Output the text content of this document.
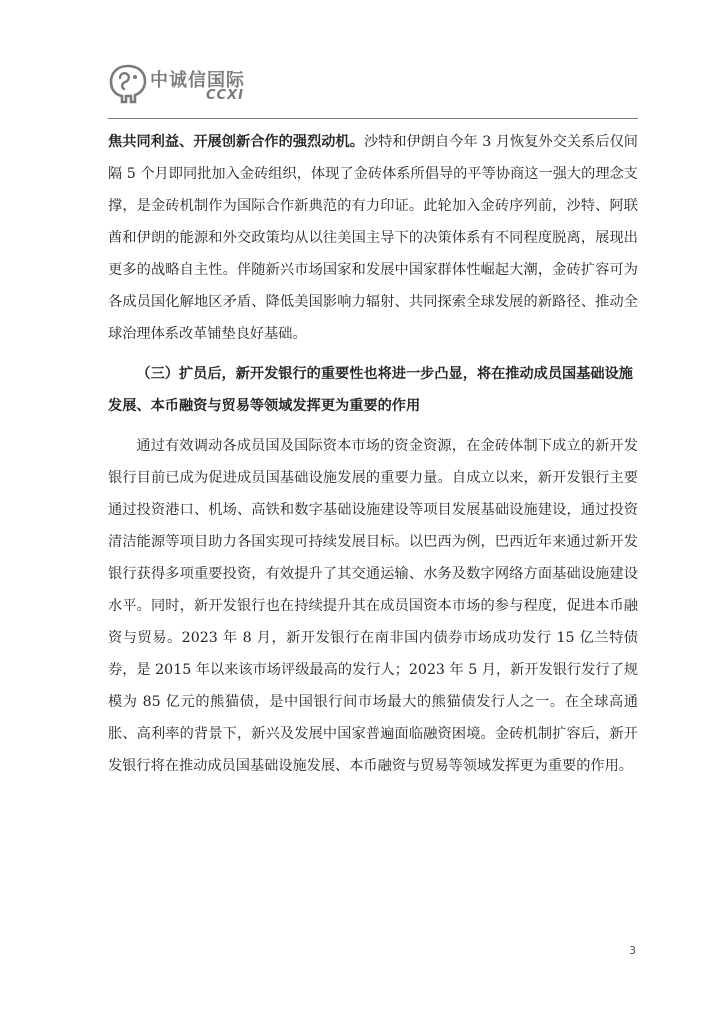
中诚信国际
CCXI

焦共同利益、开展创新合作的强烈动机。沙特和伊朗自今年 3 月恢复外交关系后仅间隔 5 个月即同批加入金砖组织，体现了金砖体系所倡导的平等协商这一强大的理念支撑，是金砖机制作为国际合作新典范的有力印证。此轮加入金砖序列前，沙特、阿联酋和伊朗的能源和外交政策均从以往美国主导下的决策体系有不同程度脱离，展现出更多的战略自主性。伴随新兴市场国家和发展中国家群体性崛起大潮，金砖扩容可为各成员国化解地区矛盾、降低美国影响力辐射、共同探索全球发展的新路径、推动全球治理体系改革铺垫良好基础。

（三）扩员后，新开发银行的重要性也将进一步凸显，将在推动成员国基础设施发展、本币融资与贸易等领域发挥更为重要的作用

通过有效调动各成员国及国际资本市场的资金资源，在金砖体制下成立的新开发银行目前已成为促进成员国基础设施发展的重要力量。自成立以来，新开发银行主要通过投资港口、机场、高铁和数字基础设施建设等项目发展基础设施建设，通过投资清洁能源等项目助力各国实现可持续发展目标。以巴西为例，巴西近年来通过新开发银行获得多项重要投资，有效提升了其交通运输、水务及数字网络方面基础设施建设水平。同时，新开发银行也在持续提升其在成员国资本市场的参与程度，促进本币融资与贸易。2023 年 8 月，新开发银行在南非国内债券市场成功发行 15 亿兰特债券，是 2015 年以来该市场评级最高的发行人；2023 年 5 月，新开发银行发行了规模为 85 亿元的熊猫债，是中国银行间市场最大的熊猫债发行人之一。在全球高通胀、高利率的背景下，新兴及发展中国家普遍面临融资困境。金砖机制扩容后，新开发银行将在推动成员国基础设施发展、本币融资与贸易等领域发挥更为重要的作用。

3
